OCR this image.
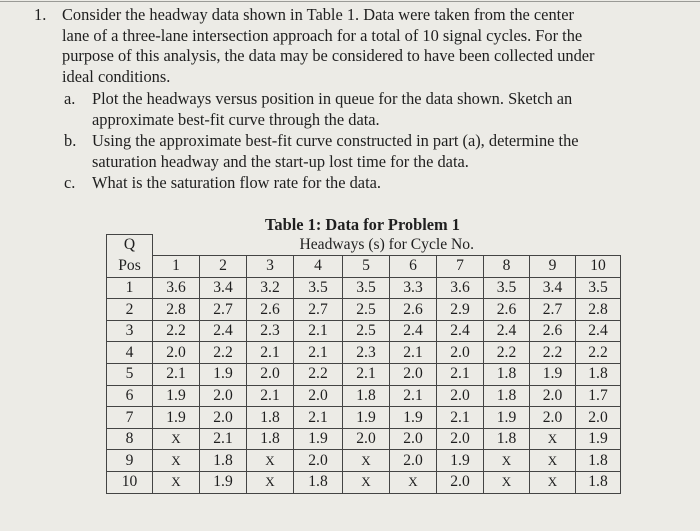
1. Consider the headway data shown in Table 1. Data were taken from the center
lane of a three-lane intersection approach for a total of 10 signal cycles. For the
purpose of this analysis, the data may be considered to have been collected under
ideal conditions.
a. Plot the headways versus position in queue for the data shown. Sketch an
approximate best-fit curve through the data.
b. Using the approximate best-fit curve constructed in part (a), determine the
saturation headway and the start-up lost time for the data.
c. What is the saturation flow rate for the data.
Table 1: Data for Problem 1
Q	Headways (s) for Cycle No.									
Pos	1	2	3	4	5	6	7	8	9	10
1	3.6	3.4	3.2	3.5	3.5	3.3	3.6	3.5	3.4	3.5
2	2.8	2.7	2.6	2.7	2.5	2.6	2.9	2.6	2.7	2.8
3	2.2	2.4	2.3	2.1	2.5	2.4	2.4	2.4	2.6	2.4
4	2.0	2.2	2.1	2.1	2.3	2.1	2.0	2.2	2.2	2.2
5	2.1	1.9	2.0	2.2	2.1	2.0	2.1	1.8	1.9	1.8
6	1.9	2.0	2.1	2.0	1.8	2.1	2.0	1.8	2.0	1.7
7	1.9	2.0	1.8	2.1	1.9	1.9	2.1	1.9	2.0	2.0
8	X	2.1	1.8	1.9	2.0	2.0	2.0	1.8	X	1.9
9	X	1.8	X	2.0	X	2.0	1.9	X	X	1.8
10	X	1.9	X	1.8	X	X	2.0	X	X	1.8
